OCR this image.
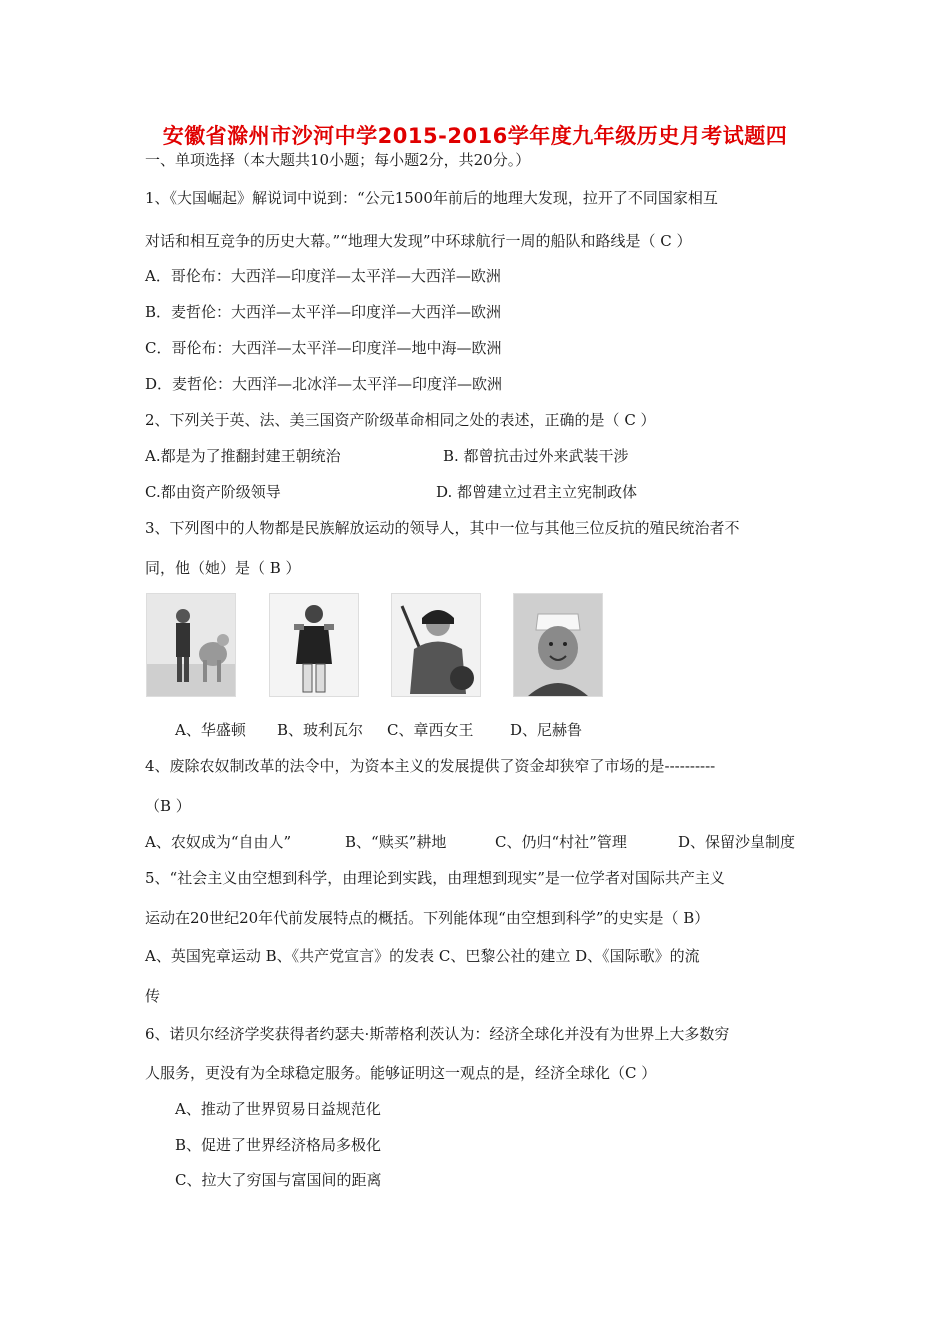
安徽省滁州市沙河中学2015-2016学年度九年级历史月考试题四
一、单项选择（本大题共10小题；每小题2分，共20分。）
1、《大国崛起》解说词中说到：“公元1500年前后的地理大发现，拉开了不同国家相互
对话和相互竞争的历史大幕。”“地理大发现”中环球航行一周的船队和路线是（ C ）
A．哥伦布：大西洋—印度洋—太平洋—大西洋—欧洲
B．麦哲伦：大西洋—太平洋—印度洋—大西洋—欧洲
C．哥伦布：大西洋—太平洋—印度洋—地中海—欧洲
D．麦哲伦：大西洋—北冰洋—太平洋—印度洋—欧洲
2、下列关于英、法、美三国资产阶级革命相同之处的表述，正确的是（ C ）
A.都是为了推翻封建王朝统治	B. 都曾抗击过外来武装干涉
C.都由资产阶级领导	D. 都曾建立过君主立宪制政体
3、下列图中的人物都是民族解放运动的领导人，其中一位与其他三位反抗的殖民统治者不
同，他（她）是（ B ）
A、华盛顿 B、玻利瓦尔 C、章西女王 D、尼赫鲁
4、废除农奴制改革的法令中，为资本主义的发展提供了资金却狭窄了市场的是----------
（B ）
A、农奴成为“自由人”	B、“赎买”耕地	C、仍归“村社”管理	D、保留沙皇制度
5、“社会主义由空想到科学，由理论到实践，由理想到现实”是一位学者对国际共产主义
运动在20世纪20年代前发展特点的概括。下列能体现“由空想到科学”的史实是（ B）
A、英国宪章运动 B、《共产党宣言》的发表 C、巴黎公社的建立 D、《国际歌》的流
传
6、诺贝尔经济学奖获得者约瑟夫·斯蒂格利茨认为：经济全球化并没有为世界上大多数穷
人服务，更没有为全球稳定服务。能够证明这一观点的是，经济全球化（C ）
A、推动了世界贸易日益规范化
B、促进了世界经济格局多极化
C、拉大了穷国与富国间的距离
